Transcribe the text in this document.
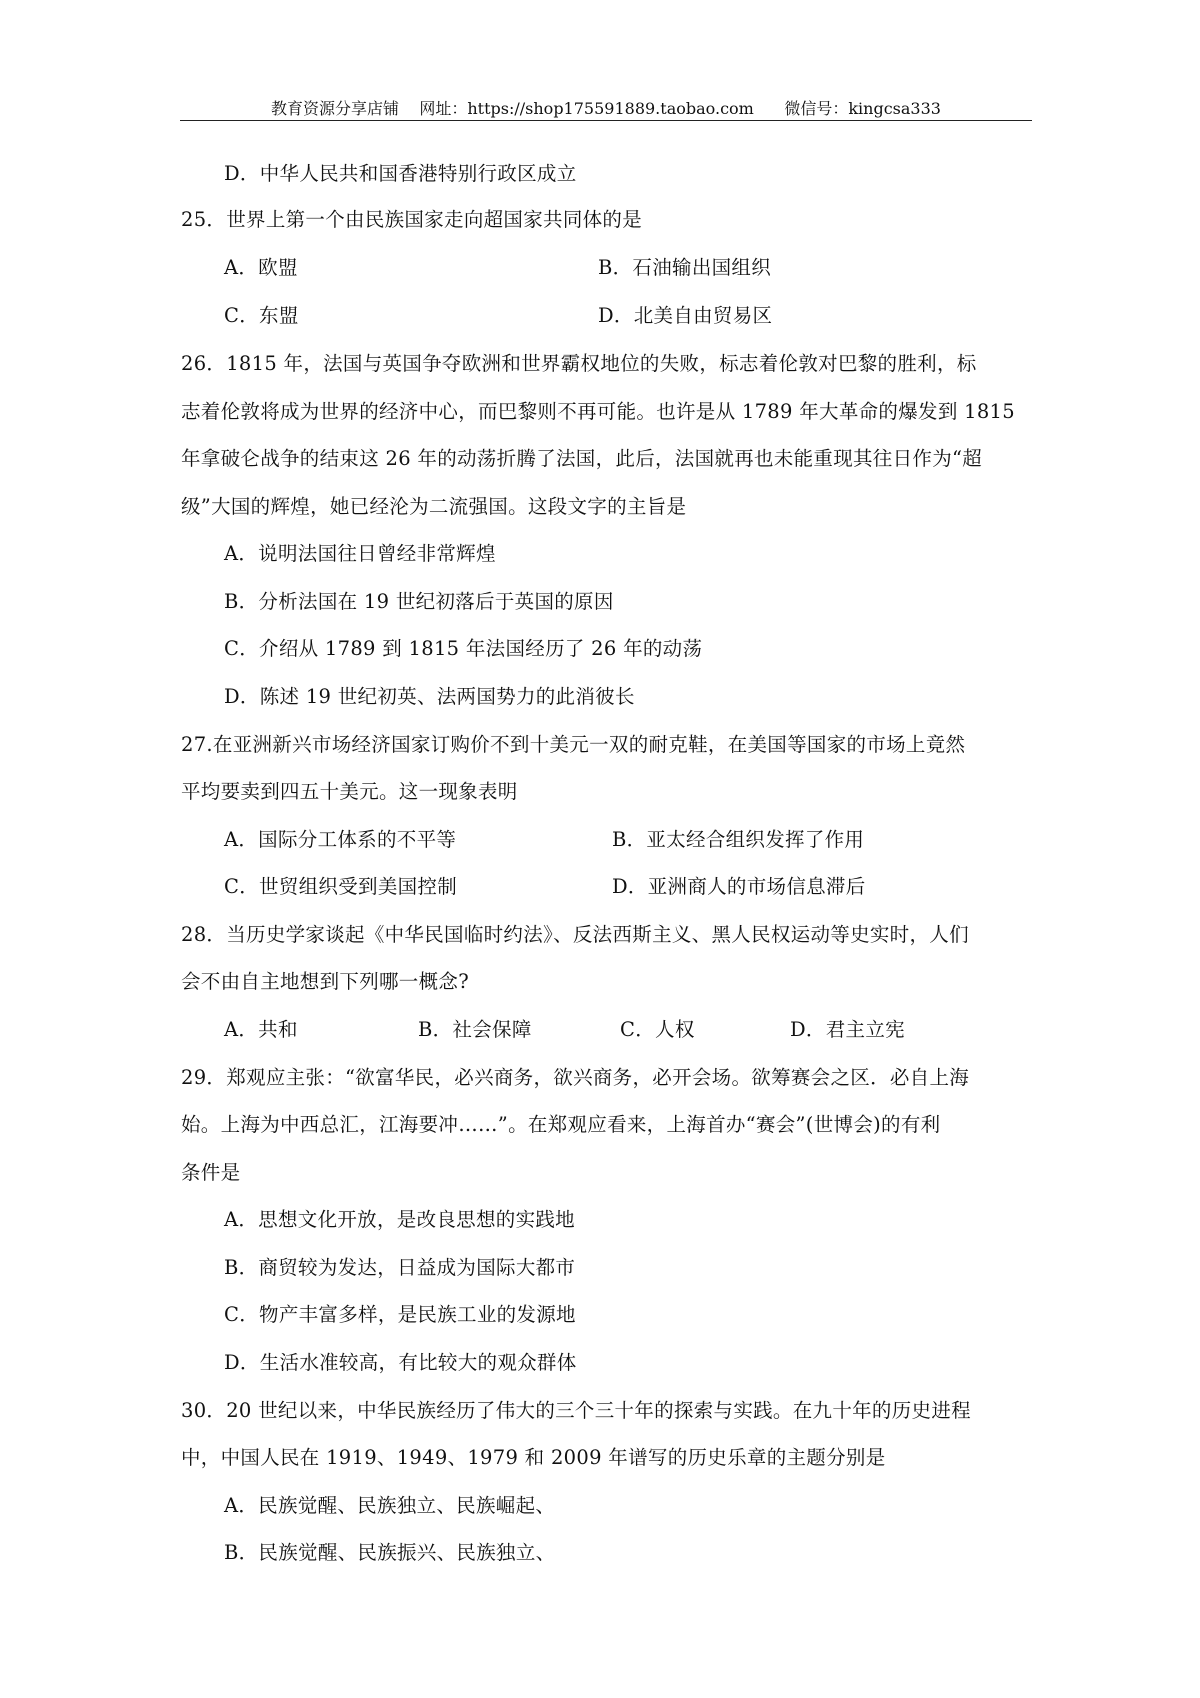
教育资源分享店铺 网址：https://shop175591889.taobao.com 微信号：kingcsa333
D．中华人民共和国香港特别行政区成立
25．世界上第一个由民族国家走向超国家共同体的是
A．欧盟	B．石油输出国组织
C．东盟	D．北美自由贸易区
26．1815 年，法国与英国争夺欧洲和世界霸权地位的失败，标志着伦敦对巴黎的胜利，标
志着伦敦将成为世界的经济中心，而巴黎则不再可能。也许是从 1789 年大革命的爆发到 1815
年拿破仑战争的结束这 26 年的动荡折腾了法国，此后，法国就再也未能重现其往日作为“超
级”大国的辉煌，她已经沦为二流强国。这段文字的主旨是
A．说明法国往日曾经非常辉煌
B．分析法国在 19 世纪初落后于英国的原因
C．介绍从 1789 到 1815 年法国经历了 26 年的动荡
D．陈述 19 世纪初英、法两国势力的此消彼长
27.在亚洲新兴市场经济国家订购价不到十美元一双的耐克鞋，在美国等国家的市场上竟然
平均要卖到四五十美元。这一现象表明
A．国际分工体系的不平等	B．亚太经合组织发挥了作用
C．世贸组织受到美国控制	D．亚洲商人的市场信息滞后
28．当历史学家谈起《中华民国临时约法》、反法西斯主义、黑人民权运动等史实时，人们
会不由自主地想到下列哪一概念?
A．共和	B．社会保障	C．人权	D．君主立宪
29．郑观应主张：“欲富华民，必兴商务，欲兴商务，必开会场。欲筹赛会之区．必自上海
始。上海为中西总汇，江海要冲……”。在郑观应看来，上海首办“赛会”(世博会)的有利
条件是
A．思想文化开放，是改良思想的实践地
B．商贸较为发达，日益成为国际大都市
C．物产丰富多样，是民族工业的发源地
D．生活水准较高，有比较大的观众群体
30．20 世纪以来，中华民族经历了伟大的三个三十年的探索与实践。在九十年的历史进程
中，中国人民在 1919、1949、1979 和 2009 年谱写的历史乐章的主题分别是
A．民族觉醒、民族独立、民族崛起、
B．民族觉醒、民族振兴、民族独立、
